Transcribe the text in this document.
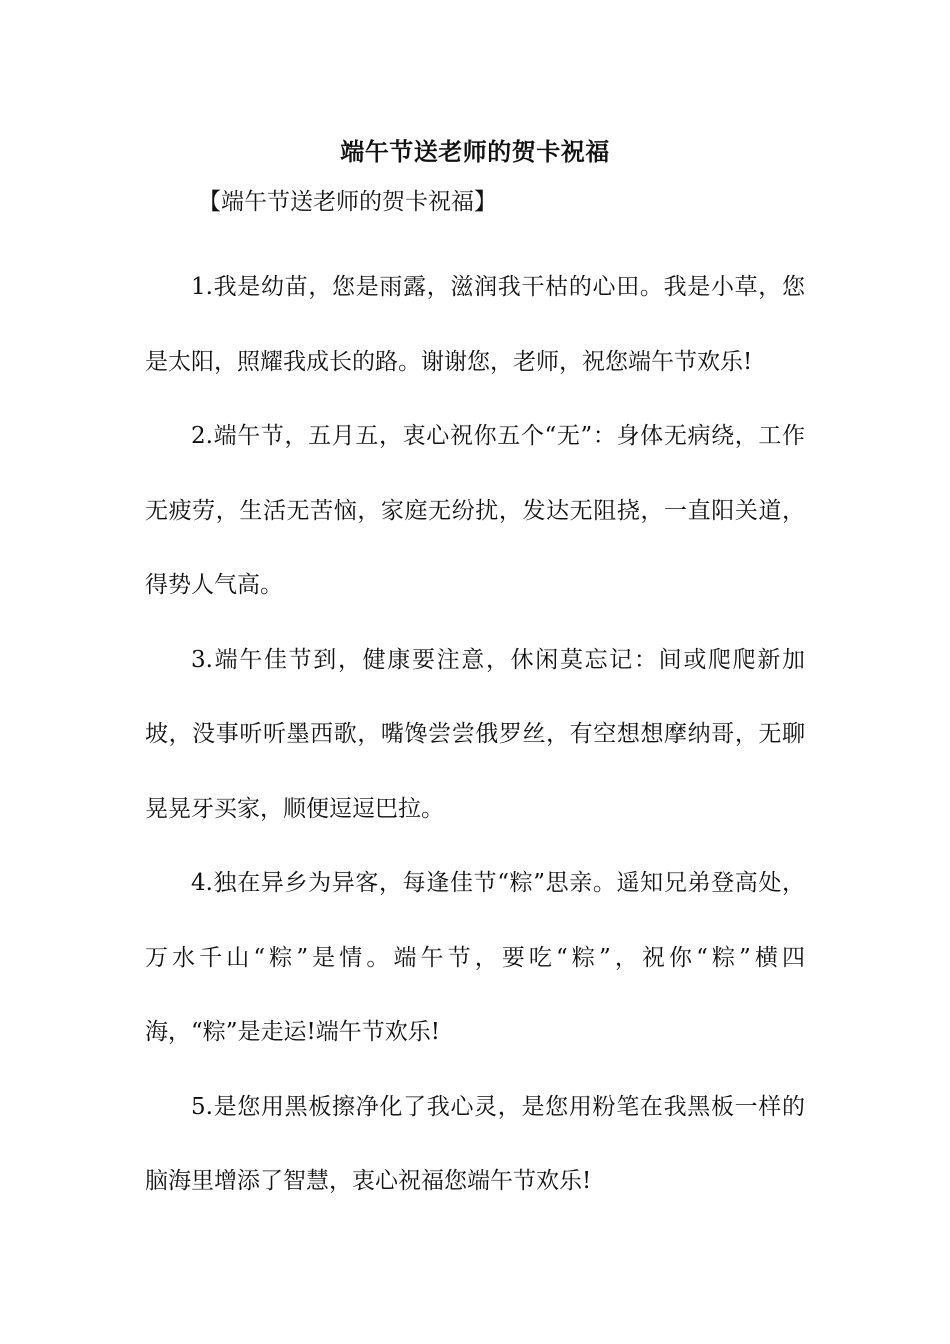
端午节送老师的贺卡祝福
【端午节送老师的贺卡祝福】

1.我是幼苗，您是雨露，滋润我干枯的心田。我是小草，您是太阳，照耀我成长的路。谢谢您，老师，祝您端午节欢乐!

2.端午节，五月五，衷心祝你五个“无”：身体无病绕，工作无疲劳，生活无苦恼，家庭无纷扰，发达无阻挠，一直阳关道，得势人气高。

3.端午佳节到，健康要注意，休闲莫忘记：间或爬爬新加坡，没事听听墨西歌，嘴馋尝尝俄罗丝，有空想想摩纳哥，无聊晃晃牙买家，顺便逗逗巴拉。

4.独在异乡为异客，每逢佳节“粽”思亲。遥知兄弟登高处，万水千山“粽”是情。端午节，要吃“粽”，祝你“粽”横四海，“粽”是走运!端午节欢乐!

5.是您用黑板擦净化了我心灵，是您用粉笔在我黑板一样的脑海里增添了智慧，衷心祝福您端午节欢乐!
